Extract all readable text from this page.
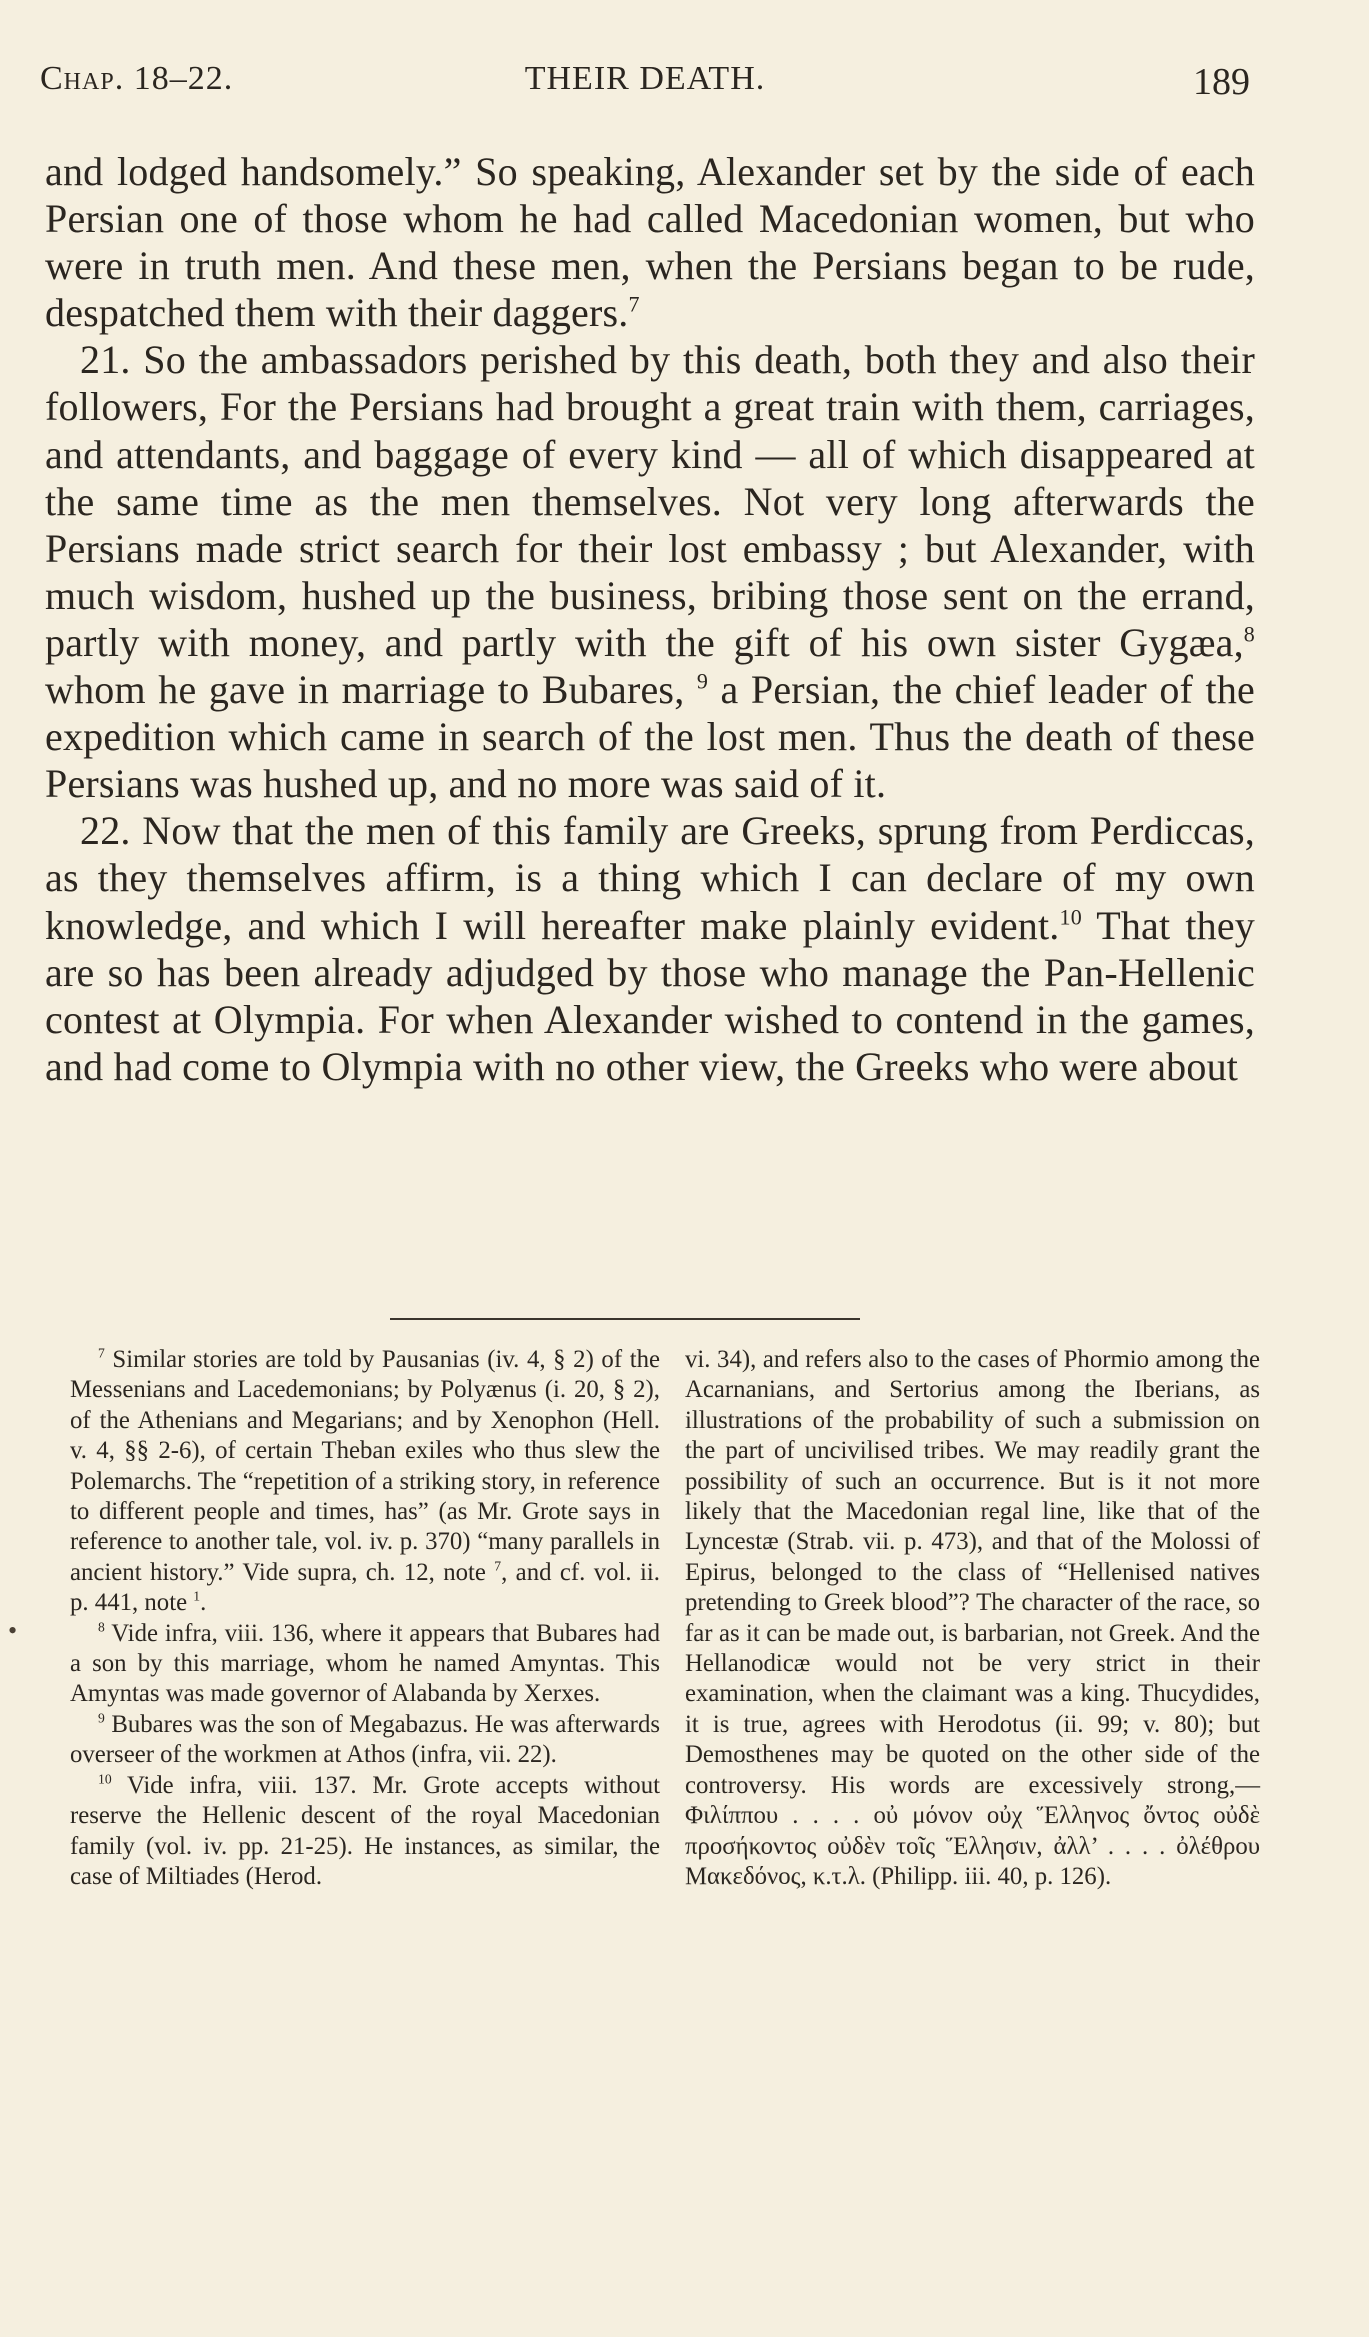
Chap. 18–22.	THEIR DEATH.	189

and lodged handsomely.” So speaking, Alexander set by the side of each Persian one of those whom he had called Macedonian women, but who were in truth men. And these men, when the Persians began to be rude, despatched them with their daggers.$^7$

21. So the ambassadors perished by this death, both they and also their followers, For the Persians had brought a great train with them, carriages, and attendants, and baggage of every kind — all of which disappeared at the same time as the men themselves. Not very long afterwards the Persians made strict search for their lost embassy ; but Alexander, with much wisdom, hushed up the business, bribing those sent on the errand, partly with money, and partly with the gift of his own sister Gygæa,$^8$ whom he gave in marriage to Bubares, $^9$ a Persian, the chief leader of the expedition which came in search of the lost men. Thus the death of these Persians was hushed up, and no more was said of it.

22. Now that the men of this family are Greeks, sprung from Perdiccas, as they themselves affirm, is a thing which I can declare of my own knowledge, and which I will hereafter make plainly evident.$^{10}$ That they are so has been already adjudged by those who manage the Pan-Hellenic contest at Olympia. For when Alexander wished to contend in the games, and had come to Olympia with no other view, the Greeks who were about

•

$^7$ Similar stories are told by Pausanias (iv. 4, § 2) of the Messenians and Lacedemonians; by Polyænus (i. 20, § 2), of the Athenians and Megarians; and by Xenophon (Hell. v. 4, §§ 2-6), of certain Theban exiles who thus slew the Polemarchs. The “repetition of a striking story, in reference to different people and times, has” (as Mr. Grote says in reference to another tale, vol. iv. p. 370) “many parallels in ancient history.” Vide supra, ch. 12, note $^7$, and cf. vol. ii. p. 441, note $^1$.

$^8$ Vide infra, viii. 136, where it appears that Bubares had a son by this marriage, whom he named Amyntas. This Amyntas was made governor of Alabanda by Xerxes.

$^9$ Bubares was the son of Megabazus. He was afterwards overseer of the workmen at Athos (infra, vii. 22).

$^{10}$ Vide infra, viii. 137. Mr. Grote accepts without reserve the Hellenic descent of the royal Macedonian family (vol. iv. pp. 21-25). He instances, as similar, the case of Miltiades (Herod.

vi. 34), and refers also to the cases of Phormio among the Acarnanians, and Sertorius among the Iberians, as illustrations of the probability of such a submission on the part of uncivilised tribes. We may readily grant the possibility of such an occurrence. But is it not more likely that the Macedonian regal line, like that of the Lyncestæ (Strab. vii. p. 473), and that of the Molossi of Epirus, belonged to the class of “Hellenised natives pretending to Greek blood”? The character of the race, so far as it can be made out, is barbarian, not Greek. And the Hellanodicæ would not be very strict in their examination, when the claimant was a king. Thucydides, it is true, agrees with Herodotus (ii. 99; v. 80); but Demosthenes may be quoted on the other side of the controversy. His words are excessively strong,—Φιλίππου . . . . οὐ μόνον οὐχ Ἕλληνος ὄντος οὐδὲ προσήκοντος οὐδὲν τοῖς Ἕλλησιν, ἀλλ’ . . . . ὀλέθρου Μακεδόνος, κ.τ.λ. (Philipp. iii. 40, p. 126).
